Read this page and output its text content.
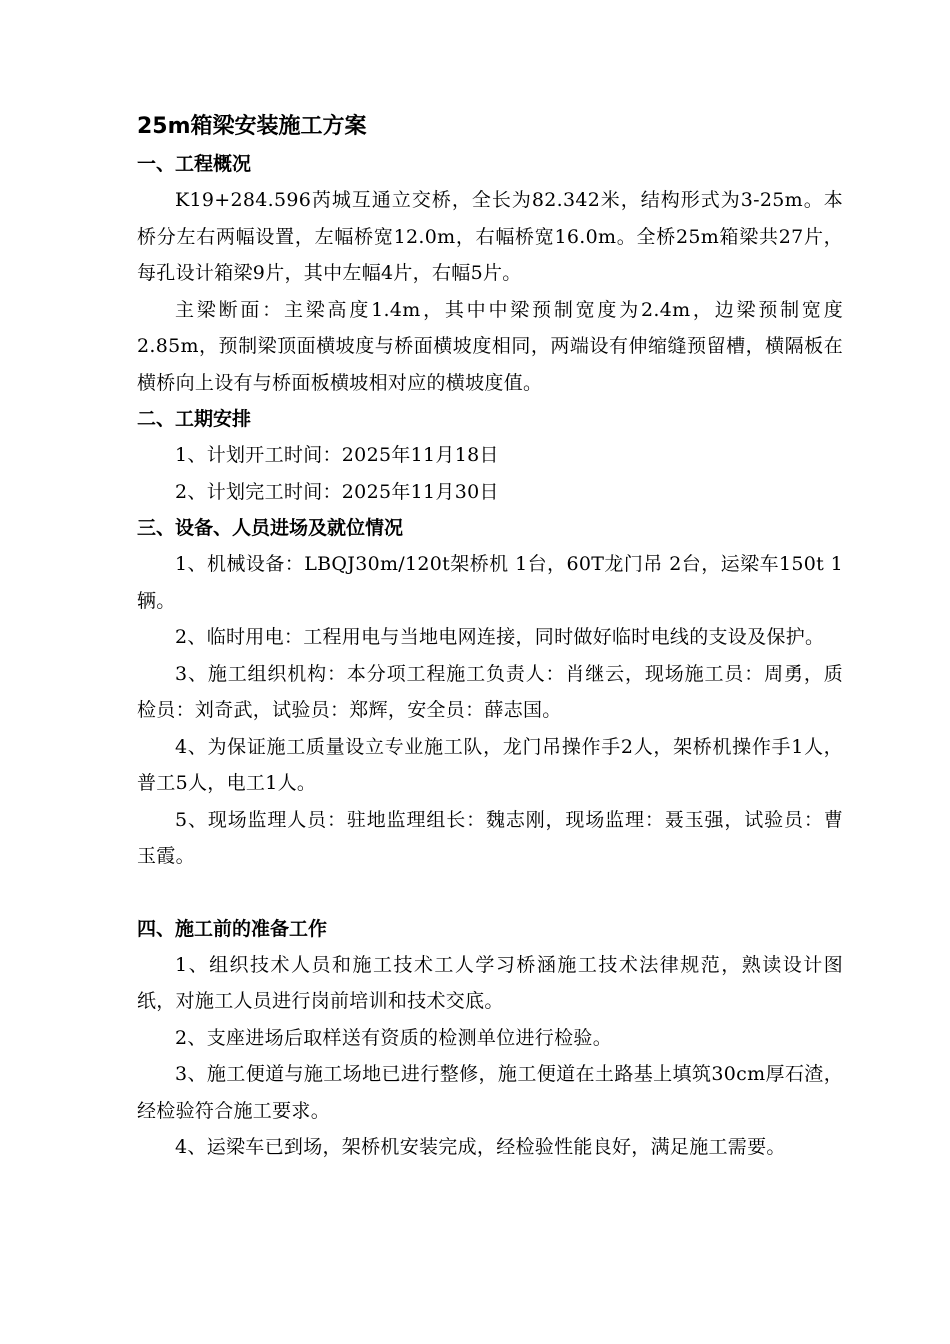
25m箱梁安装施工方案
一、工程概况

K19+284.596芮城互通立交桥，全长为82.342米，结构形式为3-25m。本桥分左右两幅设置，左幅桥宽12.0m，右幅桥宽16.0m。全桥25m箱梁共27片，每孔设计箱梁9片，其中左幅4片，右幅5片。

主梁断面：主梁高度1.4m，其中中梁预制宽度为2.4m，边梁预制宽度2.85m，预制梁顶面横坡度与桥面横坡度相同，两端设有伸缩缝预留槽，横隔板在横桥向上设有与桥面板横坡相对应的横坡度值。

二、工期安排

1、计划开工时间：2025年11月18日

2、计划完工时间：2025年11月30日

三、设备、人员进场及就位情况

1、机械设备：LBQJ30m/120t架桥机 1台，60T龙门吊 2台，运梁车150t 1辆。

2、临时用电：工程用电与当地电网连接，同时做好临时电线的支设及保护。

3、施工组织机构：本分项工程施工负责人：肖继云，现场施工员：周勇，质检员：刘奇武，试验员：郑辉，安全员：薛志国。

4、为保证施工质量设立专业施工队，龙门吊操作手2人，架桥机操作手1人，普工5人，电工1人。

5、现场监理人员：驻地监理组长：魏志刚，现场监理：聂玉强，试验员：曹玉霞。

四、施工前的准备工作

1、组织技术人员和施工技术工人学习桥涵施工技术法律规范，熟读设计图纸，对施工人员进行岗前培训和技术交底。

2、支座进场后取样送有资质的检测单位进行检验。

3、施工便道与施工场地已进行整修，施工便道在土路基上填筑30cm厚石渣，经检验符合施工要求。

4、运梁车已到场，架桥机安装完成，经检验性能良好，满足施工需要。
